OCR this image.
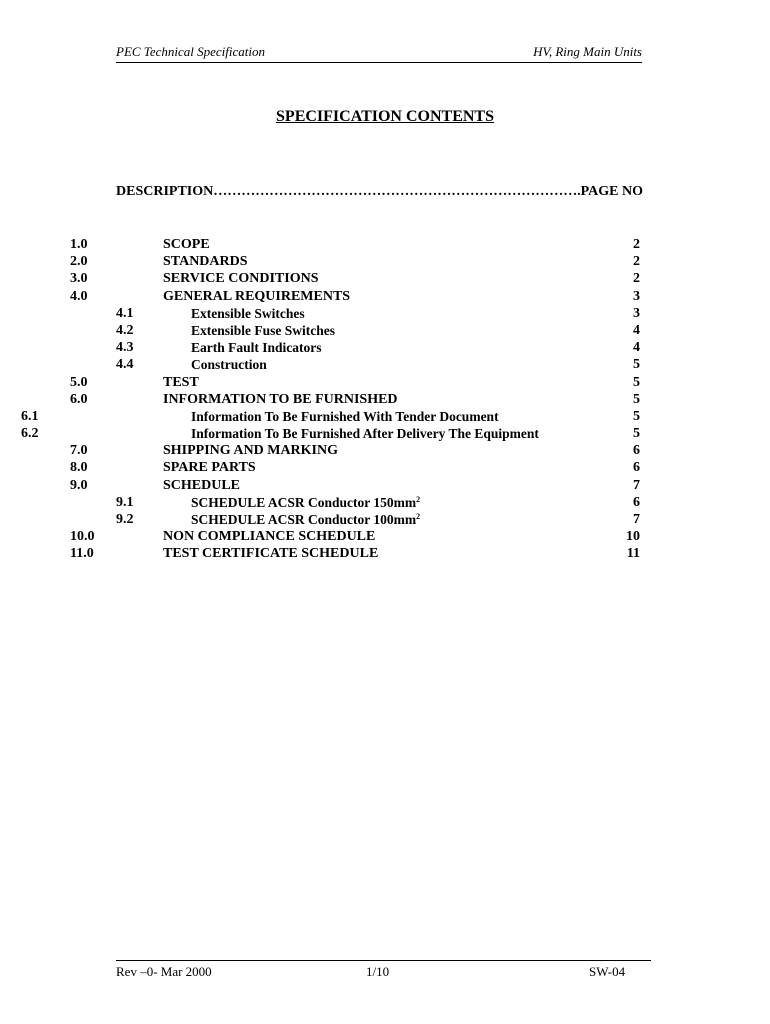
PEC Technical Specification	HV, Ring Main Units
SPECIFICATION CONTENTS
DESCRIPTION
……………………………………………………………………………………………………	.PAGE NO
1.0	SCOPE	2
2.0	STANDARDS	2
3.0	SERVICE CONDITIONS	2
4.0	GENERAL REQUIREMENTS	3
4.1	Extensible Switches	3
4.2	Extensible Fuse Switches	4
4.3	Earth Fault Indicators	4
4.4	Construction	5
5.0	TEST	5
6.0	INFORMATION TO BE FURNISHED	5
6.1	Information To Be Furnished With Tender Document	5
6.2	Information To Be Furnished After Delivery The Equipment	5
7.0	SHIPPING AND MARKING	6
8.0	SPARE PARTS	6
9.0	SCHEDULE	7
9.1	SCHEDULE ACSR Conductor $150mm^2$	6
9.2	SCHEDULE ACSR Conductor $100mm^2$	7
10.0	NON COMPLIANCE SCHEDULE	10
11.0	TEST CERTIFICATE SCHEDULE	11
Rev –0- Mar 2000	1/10	SW-04
